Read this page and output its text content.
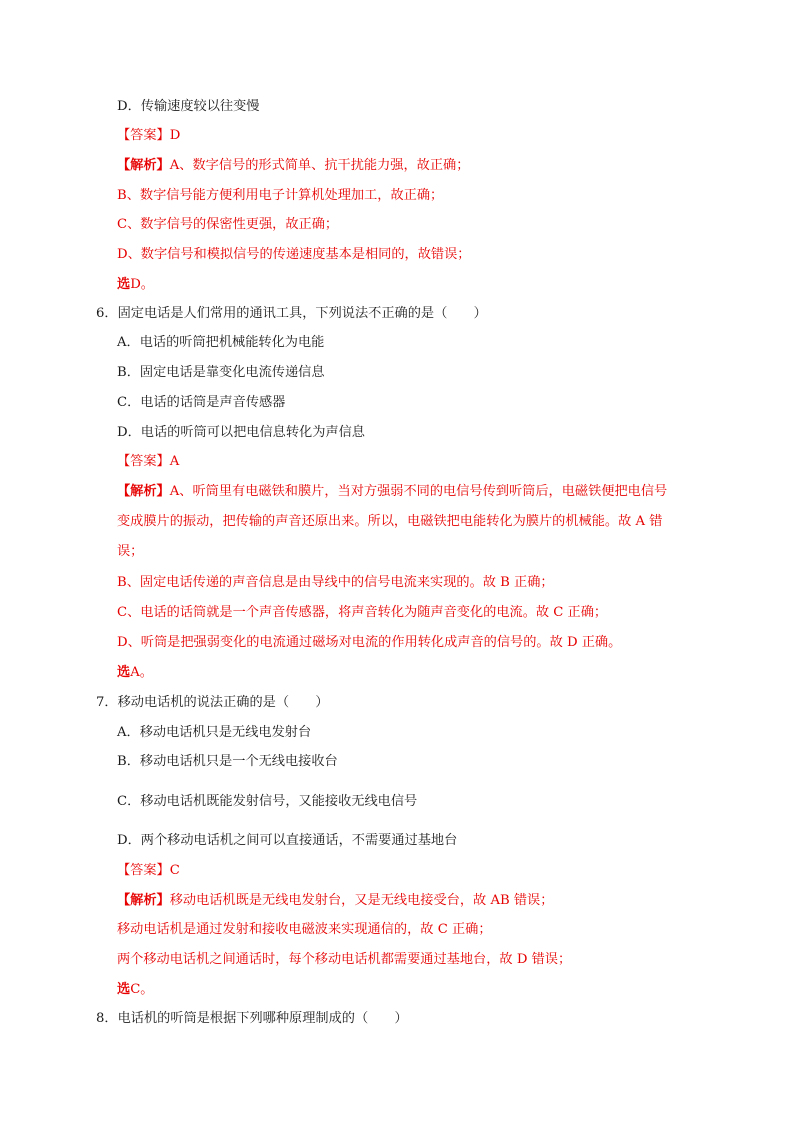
D．传输速度较以往变慢
【答案】D
【解析】A、数字信号的形式简单、抗干扰能力强，故正确；
B、数字信号能方便利用电子计算机处理加工，故正确；
C、数字信号的保密性更强，故正确；
D、数字信号和模拟信号的传递速度基本是相同的，故错误；
选D。
6．固定电话是人们常用的通讯工具，下列说法不正确的是（　　）
A．电话的听筒把机械能转化为电能
B．固定电话是靠变化电流传递信息
C．电话的话筒是声音传感器
D．电话的听筒可以把电信息转化为声信息
【答案】A
【解析】A、听筒里有电磁铁和膜片，当对方强弱不同的电信号传到听筒后，电磁铁便把电信号
变成膜片的振动，把传输的声音还原出来。所以，电磁铁把电能转化为膜片的机械能。故 A 错
误；
B、固定电话传递的声音信息是由导线中的信号电流来实现的。故 B 正确；
C、电话的话筒就是一个声音传感器，将声音转化为随声音变化的电流。故 C 正确；
D、听筒是把强弱变化的电流通过磁场对电流的作用转化成声音的信号的。故 D 正确。
选A。
7．移动电话机的说法正确的是（　　）
A．移动电话机只是无线电发射台
B．移动电话机只是一个无线电接收台
C．移动电话机既能发射信号，又能接收无线电信号
D．两个移动电话机之间可以直接通话，不需要通过基地台
【答案】C
【解析】移动电话机既是无线电发射台，又是无线电接受台，故 AB 错误；
移动电话机是通过发射和接收电磁波来实现通信的，故 C 正确；
两个移动电话机之间通话时，每个移动电话机都需要通过基地台，故 D 错误；
选C。
8．电话机的听筒是根据下列哪种原理制成的（　　）
